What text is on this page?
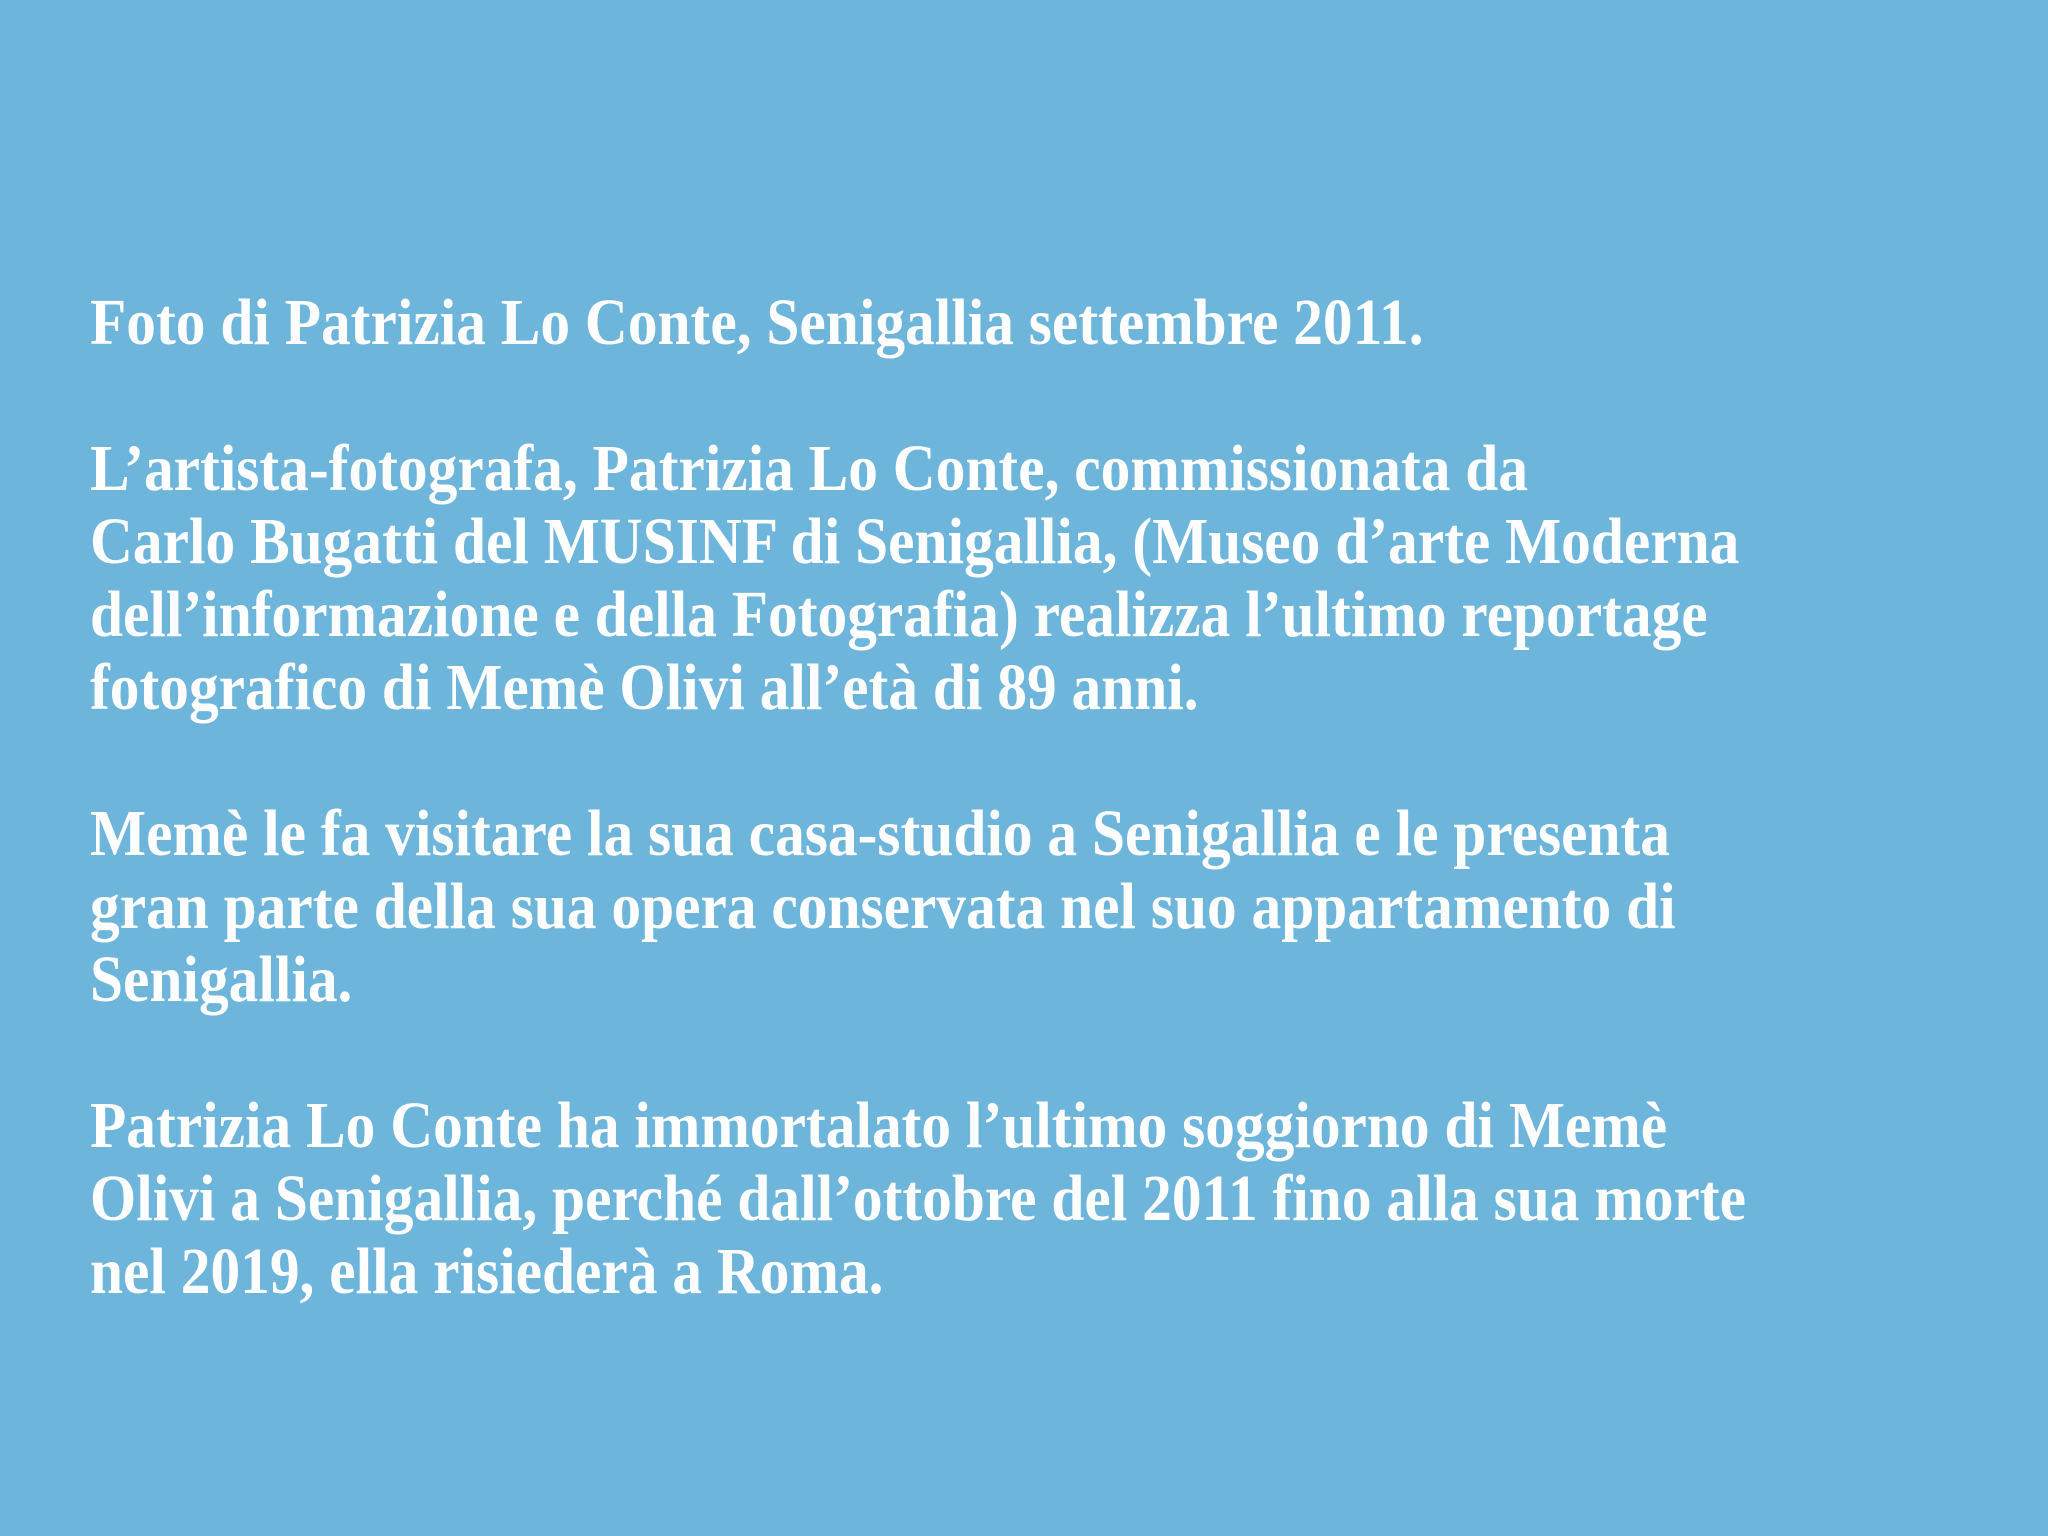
Foto di Patrizia Lo Conte, Senigallia settembre 2011.

L’artista-fotografa, Patrizia Lo Conte, commissionata da
Carlo Bugatti del MUSINF di Senigallia, (Museo d’arte Moderna
dell’informazione e della Fotografia) realizza l’ultimo reportage
fotografico di Memè Olivi all’età di 89 anni.

Memè le fa visitare la sua casa-studio a Senigallia e le presenta
gran parte della sua opera conservata nel suo appartamento di
Senigallia.

Patrizia Lo Conte ha immortalato l’ultimo soggiorno di Memè
Olivi a Senigallia, perché dall’ottobre del 2011 fino alla sua morte
nel 2019, ella risiederà a Roma.
